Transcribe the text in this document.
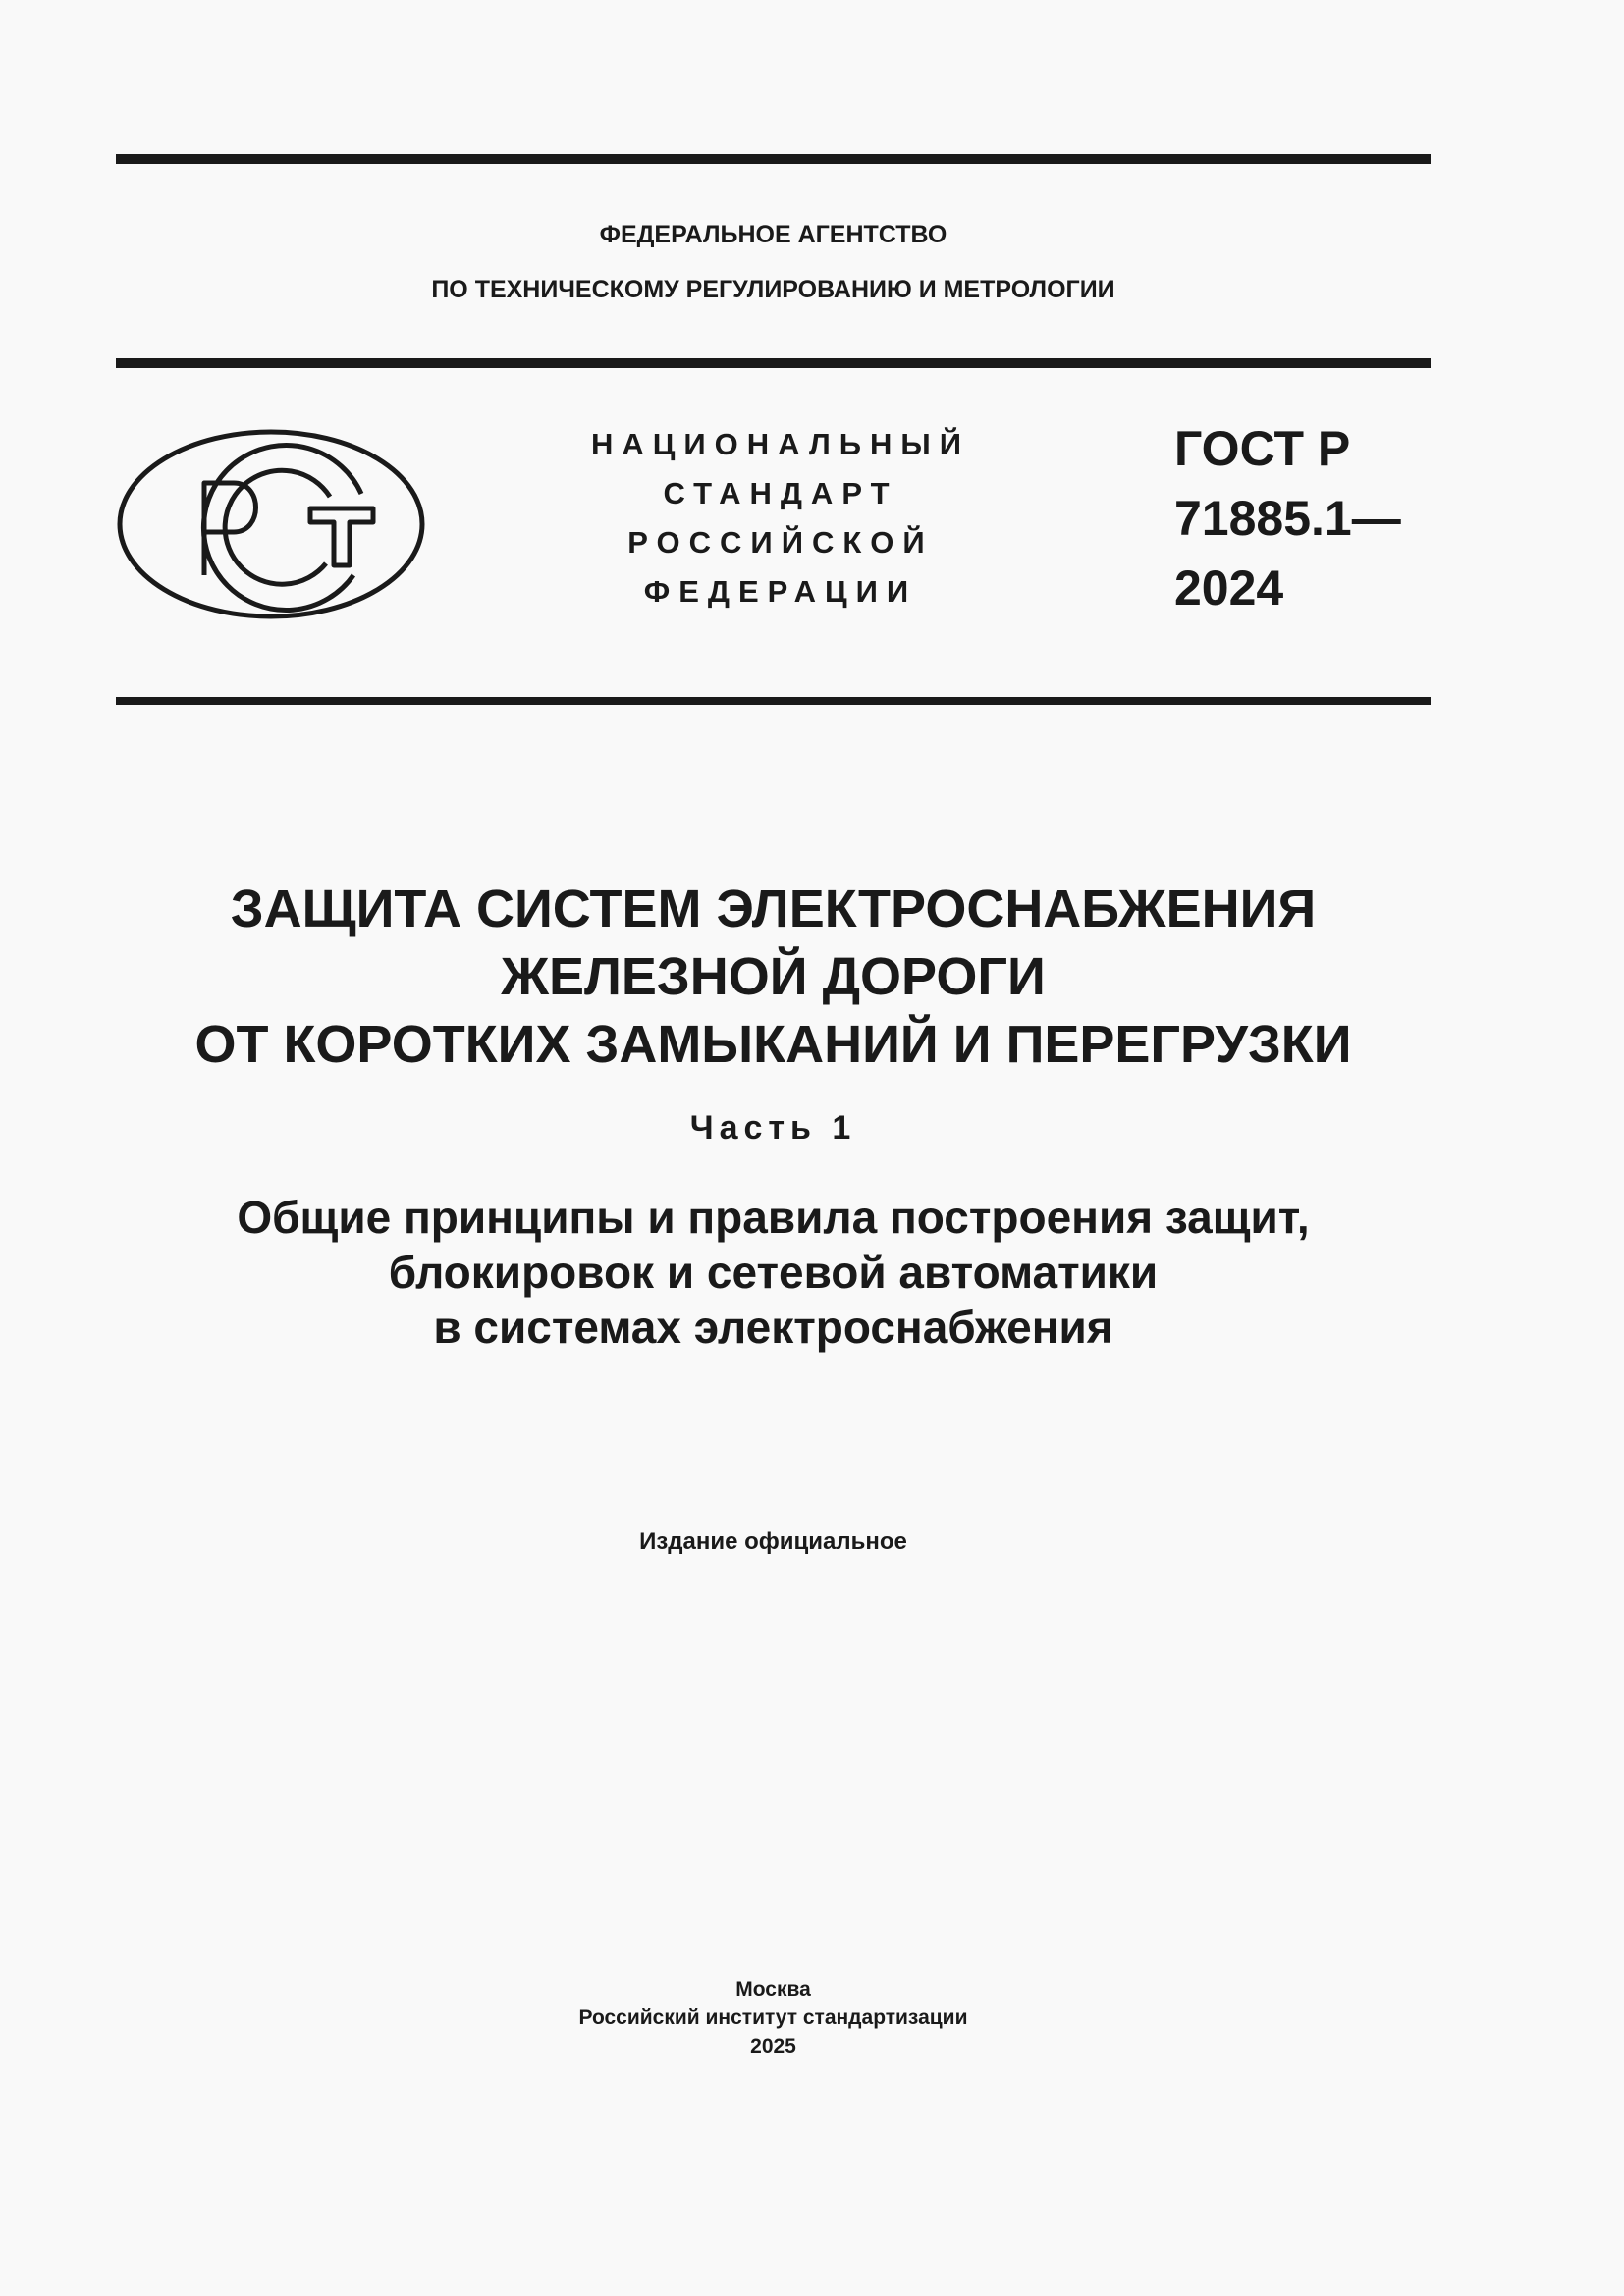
ФЕДЕРАЛЬНОЕ АГЕНТСТВО
ПО ТЕХНИЧЕСКОМУ РЕГУЛИРОВАНИЮ И МЕТРОЛОГИИ
НАЦИОНАЛЬНЫЙ
СТАНДАРТ
РОССИЙСКОЙ
ФЕДЕРАЦИИ
ГОСТ Р
71885.1—
2024
ЗАЩИТА СИСТЕМ ЭЛЕКТРОСНАБЖЕНИЯ
ЖЕЛЕЗНОЙ ДОРОГИ
ОТ КОРОТКИХ ЗАМЫКАНИЙ И ПЕРЕГРУЗКИ
Часть 1
Общие принципы и правила построения защит,
блокировок и сетевой автоматики
в системах электроснабжения
Издание официальное
Москва
Российский институт стандартизации
2025
